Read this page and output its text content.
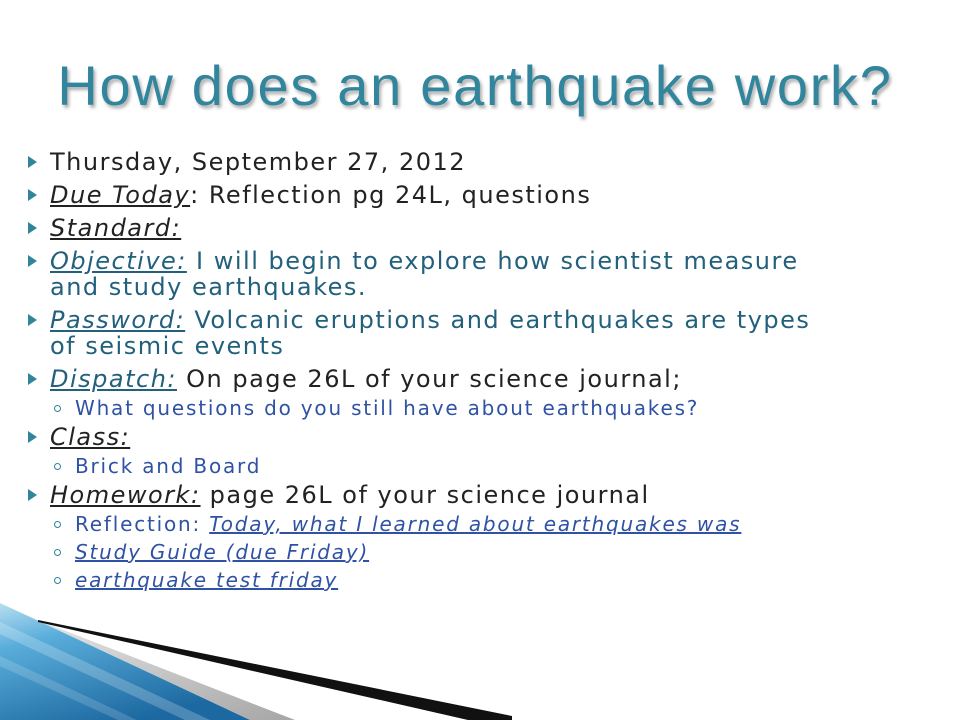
How does an earthquake work?
Thursday, September 27, 2012
Due Today: Reflection pg 24L, questions
Standard:
Objective: I will begin to explore how scientist measure and study earthquakes.
Password: Volcanic eruptions and earthquakes are types of seismic events
Dispatch: On page 26L of your science journal;
What questions do you still have about earthquakes?
Class:
Brick and Board
Homework: page 26L of your science journal
Reflection: Today, what I learned about earthquakes was
Study Guide (due Friday)
earthquake test friday
